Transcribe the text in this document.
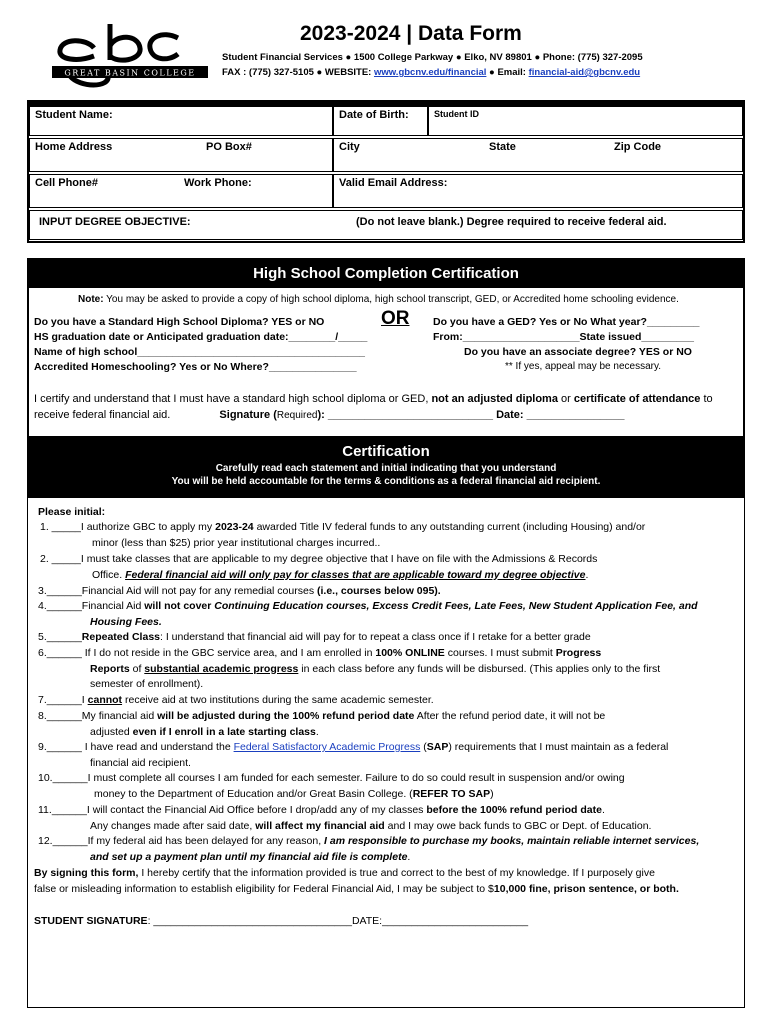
GREAT BASIN COLLEGE
2023-2024 | Data Form
Student Financial Services ● 1500 College Parkway ● Elko, NV 89801 ● Phone: (775) 327-2095
FAX : (775) 327-5105 ● WEBSITE: www.gbcnv.edu/financial ● Email: financial-aid@gbcnv.edu
Student Name:	Date of Birth:	Student ID
Home Address	PO Box#	City	State	Zip Code
Cell Phone#	Work Phone:	Valid Email Address:
INPUT DEGREE OBJECTIVE:	(Do not leave blank.) Degree required to receive federal aid.
High School Completion Certification
Note: You may be asked to provide a copy of high school diploma, high school transcript, GED, or Accredited home schooling evidence.
Do you have a Standard High School Diploma? YES or NO	OR
HS graduation date or Anticipated graduation date:________/_____
Name of high school_______________________________________
Accredited Homeschooling? Yes or No Where?_______________
Do you have a GED? Yes or No What year?_________
From:____________________State issued_________
Do you have an associate degree? YES or NO
** If yes, appeal may be necessary.
I certify and understand that I must have a standard high school diploma or GED, not an adjusted diploma or certificate of attendance to receive federal financial aid.	Signature (Required): ___________________________ Date: ________________
Certification
Carefully read each statement and initial indicating that you understand
You will be held accountable for the terms & conditions as a federal financial aid recipient.
Please initial:
1. _____I authorize GBC to apply my 2023-24 awarded Title IV federal funds to any outstanding current (including Housing) and/or
minor (less than $25) prior year institutional charges incurred..
2. _____I must take classes that are applicable to my degree objective that I have on file with the Admissions & Records
Office. Federal financial aid will only pay for classes that are applicable toward my degree objective.
3.______Financial Aid will not pay for any remedial courses (i.e., courses below 095).
4.______Financial Aid will not cover Continuing Education courses, Excess Credit Fees, Late Fees, New Student Application Fee, and
Housing Fees.
5.______Repeated Class: I understand that financial aid will pay for to repeat a class once if I retake for a better grade
6.______ If I do not reside in the GBC service area, and I am enrolled in 100% ONLINE courses. I must submit Progress
Reports of substantial academic progress in each class before any funds will be disbursed. (This applies only to the first
semester of enrollment).
7.______I cannot receive aid at two institutions during the same academic semester.
8.______My financial aid will be adjusted during the 100% refund period date After the refund period date, it will not be
adjusted even if I enroll in a late starting class.
9.______ I have read and understand the Federal Satisfactory Academic Progress (SAP) requirements that I must maintain as a federal
financial aid recipient.
10.______I must complete all courses I am funded for each semester. Failure to do so could result in suspension and/or owing
money to the Department of Education and/or Great Basin College. (REFER TO SAP)
11.______I will contact the Financial Aid Office before I drop/add any of my classes before the 100% refund period date.
Any changes made after said date, will affect my financial aid and I may owe back funds to GBC or Dept. of Education.
12.______If my federal aid has been delayed for any reason, I am responsible to purchase my books, maintain reliable internet services,
and set up a payment plan until my financial aid file is complete.
By signing this form, I hereby certify that the information provided is true and correct to the best of my knowledge. If I purposely give
false or misleading information to establish eligibility for Federal Financial Aid, I may be subject to $10,000 fine, prison sentence, or both.
STUDENT SIGNATURE: __________________________________DATE:_________________________
